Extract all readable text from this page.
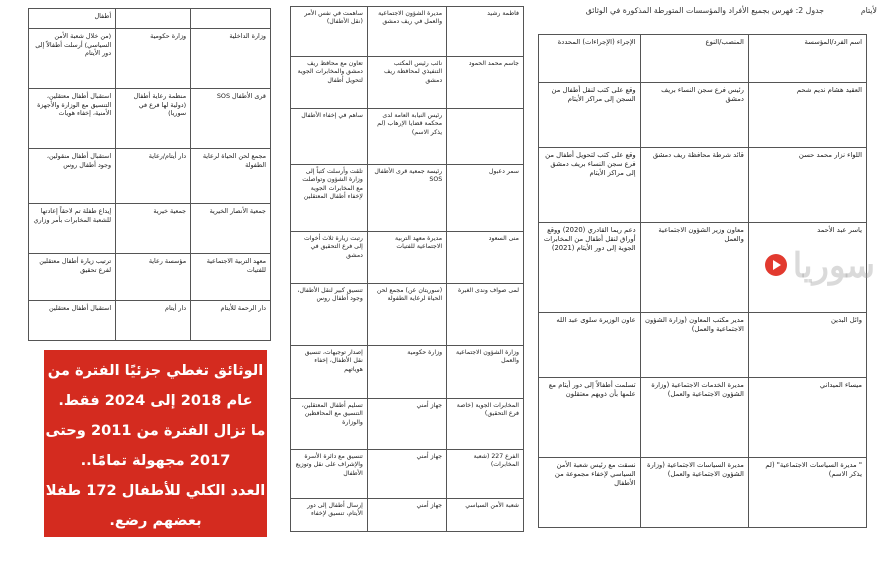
		أطفال
وزارة الداخلية	وزارة حكومية	(من خلال شعبة الأمن السياسي) أرسلت أطفالاً إلى دور الأيتام
قرى الأطفال SOS	منظمة رعاية أطفال (دولية لها فرع في سوريا)	استقبال أطفال معتقلين، التنسيق مع الوزارة والأجهزة الأمنية، إخفاء هويات
مجمع لحن الحياة لرعاية الطفولة	دار أيتام/رعاية	استقبال أطفال منقولين، وجود أطفال روس
جمعية الأنصار الخيرية	جمعية خيرية	إيداع طفلة تم لاحقاً إعادتها للشعبة المخابرات بأمر وزاري
معهد التربية الاجتماعية للفتيات	مؤسسة رعاية	ترتيب زيارة أطفال معتقلين لفرع تحقيق
دار الرحمة للأيتام	دار أيتام	استقبال أطفال معتقلين
فاطمة رشيد	مديرة الشؤون الاجتماعية والعمل في ريف دمشق	ساهمت في نفس الأمر (نقل الأطفال)
جاسم محمد الحمود	نائب رئيس المكتب التنفيذي لمحافظة ريف دمشق	تعاون مع محافظ ريف دمشق والمخابرات الجوية لتحويل أطفال
	رئيس النيابة العامة لدى محكمة قضايا الإرهاب (لم يذكر الاسم)	ساهم في إخفاء الأطفال
سمر دعبول	رئيسة جمعية قرى الأطفال SOS	تلقت وأرسلت كتباً إلى وزارة الشؤون وتواصلت مع المخابرات الجوية لإخفاء أطفال المعتقلين
منى السعود	مديرة معهد التربية الاجتماعية للفتيات	رتبت زيارة ثلاث أخوات إلى فرع التحقيق في دمشق
لمى صواف وندى الغبرة	(سوريتان عن) مجمع لحن الحياة لرعاية الطفولة	تنسيق كبير لنقل الأطفال، وجود أطفال روس
وزارة الشؤون الاجتماعية والعمل	وزارة حكومية	إصدار توجيهات، تنسيق نقل الأطفال، إخفاء هوياتهم
المخابرات الجوية (خاصة فرع التحقيق)	جهاز أمني	تسليم أطفال المعتقلين، التنسيق مع المحافظين والوزارة
الفرع 227 (شعبة المخابرات)	جهاز أمني	تنسيق مع دائرة الأسرة والإشراف على نقل وتوزيع الأطفال
شعبة الأمن السياسي	جهاز أمني	إرسال أطفال إلى دور الأيتام، تنسيق لإخفاء
جدول 2: فهرس بجميع الأفراد والمؤسسات المتورطة المذكورة في الوثائق	لأيتام
اسم الفرد/المؤسسة	المنصب/النوع	الإجراء (الإجراءات) المحددة
العقيد هشام نديم شحم	رئيس فرع سجن النساء بريف دمشق	وقع على كتب لنقل أطفال من السجن إلى مراكز الأيتام
اللواء نزار محمد حسن	قائد شرطة محافظة ريف دمشق	وقع على كتب لتحويل أطفال من فرع سجن النساء بريف دمشق إلى مراكز الأيتام
ياسر عبد الأحمد	معاون وزير الشؤون الاجتماعية والعمل	دعم ريما القادري (2020) ووقع أوراق لنقل أطفال من المخابرات الجوية إلى دور الأيتام (2021)
وائل البدين	مدير مكتب المعاون (وزارة الشؤون الاجتماعية والعمل)	عاون الوزيرة سلوى عبد الله
ميساء الميداني	مديرة الخدمات الاجتماعية (وزارة الشؤون الاجتماعية والعمل)	تسلمت أطفالاً إلى دور أيتام مع علمها بأن ذويهم معتقلون
" مديرة السياسات الاجتماعية" (لم يذكر الاسم)	مديرة السياسات الاجتماعية (وزارة الشؤون الاجتماعية والعمل)	نسقت مع رئيس شعبة الأمن السياسي لإخفاء مجموعة من الأطفال
الوثائق تغطي جزئيًا الفترة من
عام 2018 إلى 2024 فقط.
ما تزال الفترة من 2011 وحتى
2017 مجهولة تمامًا..
العدد الكلي للأطفال 172 طفلا
بعضهم رضع.
سوريا
